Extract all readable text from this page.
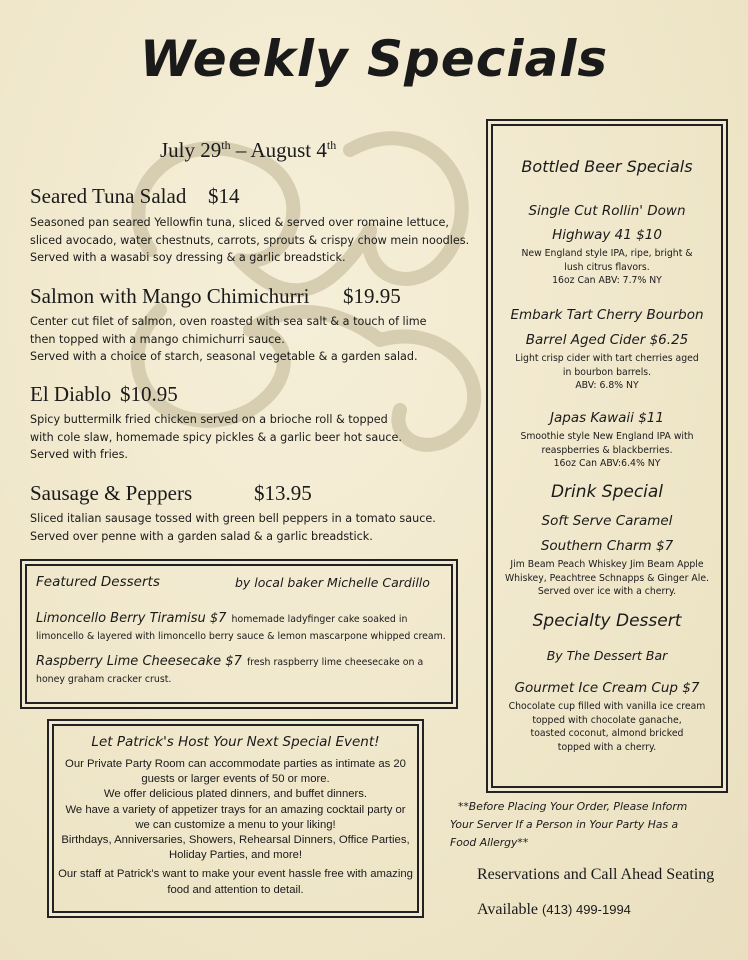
Weekly Specials
July 29th – August 4th
Seared Tuna Salad $14
Seasoned pan seared Yellowfin tuna, sliced & served over romaine lettuce,
sliced avocado, water chestnuts, carrots, sprouts & crispy chow mein noodles.
Served with a wasabi soy dressing & a garlic breadstick.
Salmon with Mango Chimichurri $19.95
Center cut filet of salmon, oven roasted with sea salt & a touch of lime
then topped with a mango chimichurri sauce.
Served with a choice of starch, seasonal vegetable & a garden salad.
El Diablo $10.95
Spicy buttermilk fried chicken served on a brioche roll & topped
with cole slaw, homemade spicy pickles & a garlic beer hot sauce.
Served with fries.
Sausage & Peppers	$13.95
Sliced italian sausage tossed with green bell peppers in a tomato sauce.
Served over penne with a garden salad & a garlic breadstick.
Bottled Beer Specials
Single Cut Rollin' Down
Highway 41 $10
New England style IPA, ripe, bright &
lush citrus flavors.
16oz Can ABV: 7.7% NY
Embark Tart Cherry Bourbon
Barrel Aged Cider $6.25
Light crisp cider with tart cherries aged
in bourbon barrels.
ABV: 6.8% NY
Japas Kawaii $11
Smoothie style New England IPA with
reaspberries & blackberries.
16oz Can ABV:6.4% NY
Drink Special
Soft Serve Caramel
Southern Charm $7
Jim Beam Peach Whiskey Jim Beam Apple
Whiskey, Peachtree Schnapps & Ginger Ale.
Served over ice with a cherry.
Specialty Dessert
By The Dessert Bar
Gourmet Ice Cream Cup $7
Chocolate cup filled with vanilla ice cream
topped with chocolate ganache,
toasted coconut, almond bricked
topped with a cherry.
Featured Desserts	by local baker Michelle Cardillo
Limoncello Berry Tiramisu $7 homemade ladyfinger cake soaked in
limoncello & layered with limoncello berry sauce & lemon mascarpone whipped cream.
Raspberry Lime Cheesecake $7 fresh raspberry lime cheesecake on a
honey graham cracker crust.
Let Patrick's Host Your Next Special Event!
Our Private Party Room can accommodate parties as intimate as 20
guests or larger events of 50 or more.
We offer delicious plated dinners, and buffet dinners.
We have a variety of appetizer trays for an amazing cocktail party or
we can customize a menu to your liking!
Birthdays, Anniversaries, Showers, Rehearsal Dinners, Office Parties,
Holiday Parties, and more!
Our staff at Patrick's want to make your event hassle free with amazing
food and attention to detail.
**Before Placing Your Order, Please Inform
Your Server If a Person in Your Party Has a
Food Allergy**
Reservations and Call Ahead Seating
Available (413) 499-1994
